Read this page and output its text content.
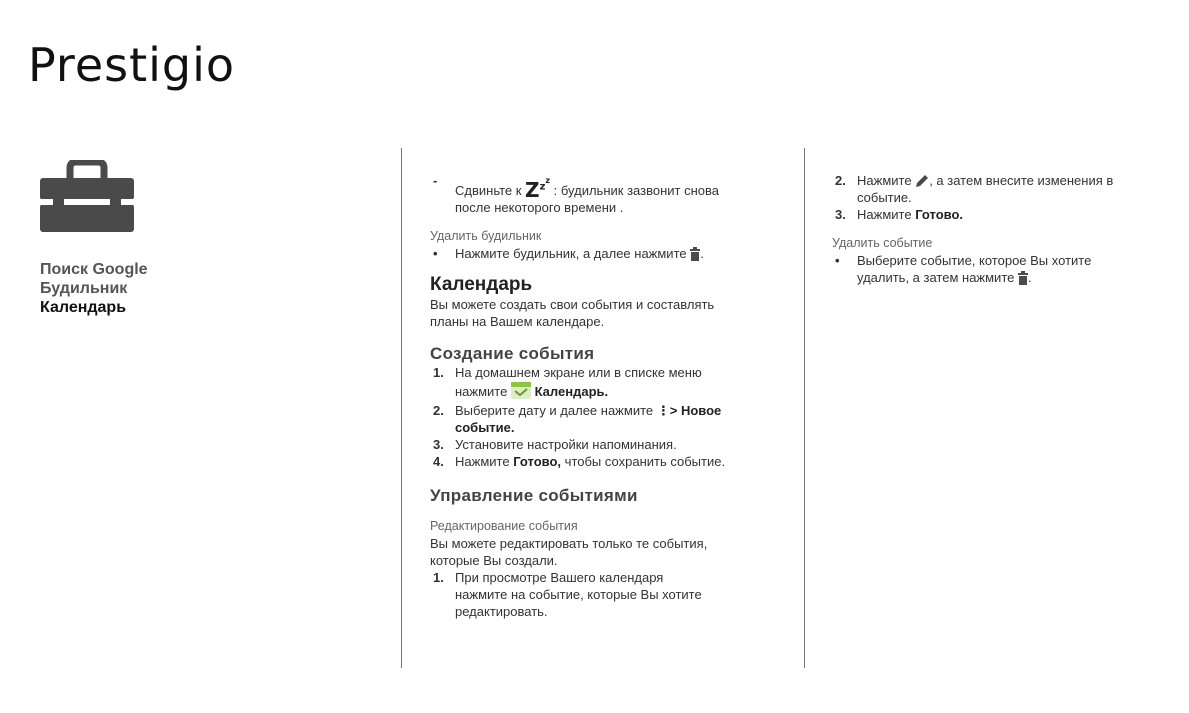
Prestigio
Поиск Google
Будильник
Календарь
-
Сдвиньте к $Z^{zz}$ : будильник зазвонит снова
после некоторого времени .

Удалить будильник

• Нажмите будильник, а далее нажмите .

Календарь

Вы можете создать свои события и составлять

планы на Вашем календаре.

Создание события

1. На домашнем экране или в списке меню
нажмите Календарь.
2. Выберите дату и далее нажмите ⋮> Новое
событие.
3. Установите настройки напоминания.
4. Нажмите Готово, чтобы сохранить событие.

Управление событиями

Редактирование события

Вы можете редактировать только те события,

которые Вы создали.

1. При просмотре Вашего календаря
нажмите на событие, которые Вы хотите
редактировать.
2. Нажмите , а затем внесите изменения в
событие.
3. Нажмите Готово.

Удалить событие

• Выберите событие, которое Вы хотите
удалить, а затем нажмите .
